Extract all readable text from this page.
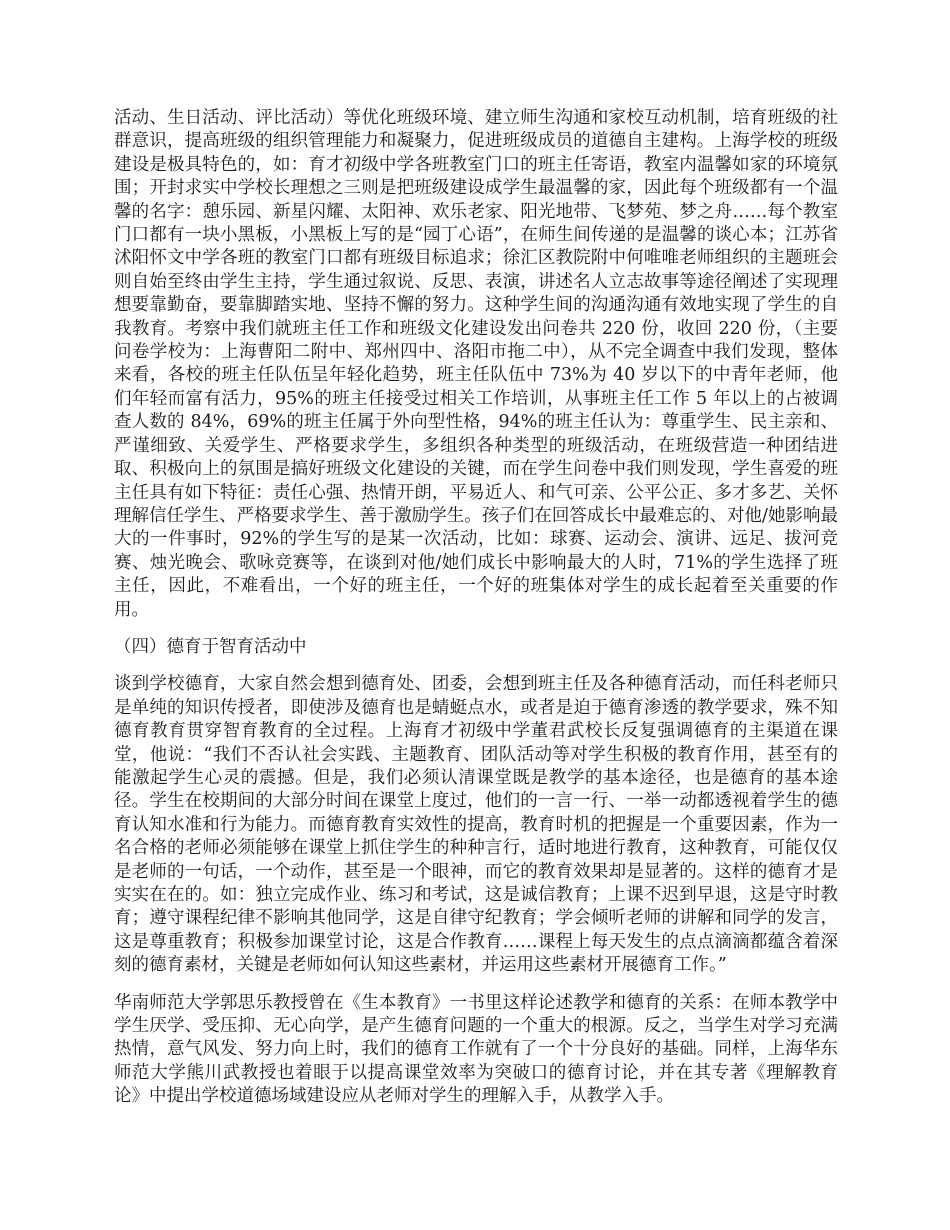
活动、生日活动、评比活动）等优化班级环境、建立师生沟通和家校互动机制，培育班级的社群意识，提高班级的组织管理能力和凝聚力，促进班级成员的道德自主建构。上海学校的班级建设是极具特色的，如：育才初级中学各班教室门口的班主任寄语，教室内温馨如家的环境氛围；开封求实中学校长理想之三则是把班级建设成学生最温馨的家，因此每个班级都有一个温馨的名字：憩乐园、新星闪耀、太阳神、欢乐老家、阳光地带、飞梦苑、梦之舟……每个教室门口都有一块小黑板，小黑板上写的是“园丁心语”，在师生间传递的是温馨的谈心本；江苏省沭阳怀文中学各班的教室门口都有班级目标追求；徐汇区教院附中何唯唯老师组织的主题班会则自始至终由学生主持，学生通过叙说、反思、表演，讲述名人立志故事等途径阐述了实现理想要靠勤奋，要靠脚踏实地、坚持不懈的努力。这种学生间的沟通沟通有效地实现了学生的自我教育。考察中我们就班主任工作和班级文化建设发出问卷共 220 份，收回 220 份，（主要问卷学校为：上海曹阳二附中、郑州四中、洛阳市拖二中），从不完全调查中我们发现，整体来看，各校的班主任队伍呈年轻化趋势，班主任队伍中 73%为 40 岁以下的中青年老师，他们年轻而富有活力，95%的班主任接受过相关工作培训，从事班主任工作 5 年以上的占被调查人数的 84%，69%的班主任属于外向型性格，94%的班主任认为：尊重学生、民主亲和、严谨细致、关爱学生、严格要求学生，多组织各种类型的班级活动，在班级营造一种团结进取、积极向上的氛围是搞好班级文化建设的关键，而在学生问卷中我们则发现，学生喜爱的班主任具有如下特征：责任心强、热情开朗，平易近人、和气可亲、公平公正、多才多艺、关怀理解信任学生、严格要求学生、善于激励学生。孩子们在回答成长中最难忘的、对他/她影响最大的一件事时，92%的学生写的是某一次活动，比如：球赛、运动会、演讲、远足、拔河竞赛、烛光晚会、歌咏竞赛等，在谈到对他/她们成长中影响最大的人时，71%的学生选择了班主任，因此，不难看出，一个好的班主任，一个好的班集体对学生的成长起着至关重要的作用。

（四）德育于智育活动中

谈到学校德育，大家自然会想到德育处、团委，会想到班主任及各种德育活动，而任科老师只是单纯的知识传授者，即使涉及德育也是蜻蜓点水，或者是迫于德育渗透的教学要求，殊不知德育教育贯穿智育教育的全过程。上海育才初级中学董君武校长反复强调德育的主渠道在课堂，他说：“我们不否认社会实践、主题教育、团队活动等对学生积极的教育作用，甚至有的能激起学生心灵的震撼。但是，我们必须认清课堂既是教学的基本途径，也是德育的基本途径。学生在校期间的大部分时间在课堂上度过，他们的一言一行、一举一动都透视着学生的德育认知水准和行为能力。而德育教育实效性的提高，教育时机的把握是一个重要因素，作为一名合格的老师必须能够在课堂上抓住学生的种种言行，适时地进行教育，这种教育，可能仅仅是老师的一句话，一个动作，甚至是一个眼神，而它的教育效果却是显著的。这样的德育才是实实在在的。如：独立完成作业、练习和考试，这是诚信教育；上课不迟到早退，这是守时教育；遵守课程纪律不影响其他同学，这是自律守纪教育；学会倾听老师的讲解和同学的发言，这是尊重教育；积极参加课堂讨论，这是合作教育……课程上每天发生的点点滴滴都蕴含着深刻的德育素材，关键是老师如何认知这些素材，并运用这些素材开展德育工作。”

华南师范大学郭思乐教授曾在《生本教育》一书里这样论述教学和德育的关系：在师本教学中学生厌学、受压抑、无心向学，是产生德育问题的一个重大的根源。反之，当学生对学习充满热情，意气风发、努力向上时，我们的德育工作就有了一个十分良好的基础。同样，上海华东师范大学熊川武教授也着眼于以提高课堂效率为突破口的德育讨论，并在其专著《理解教育论》中提出学校道德场域建设应从老师对学生的理解入手，从教学入手。
